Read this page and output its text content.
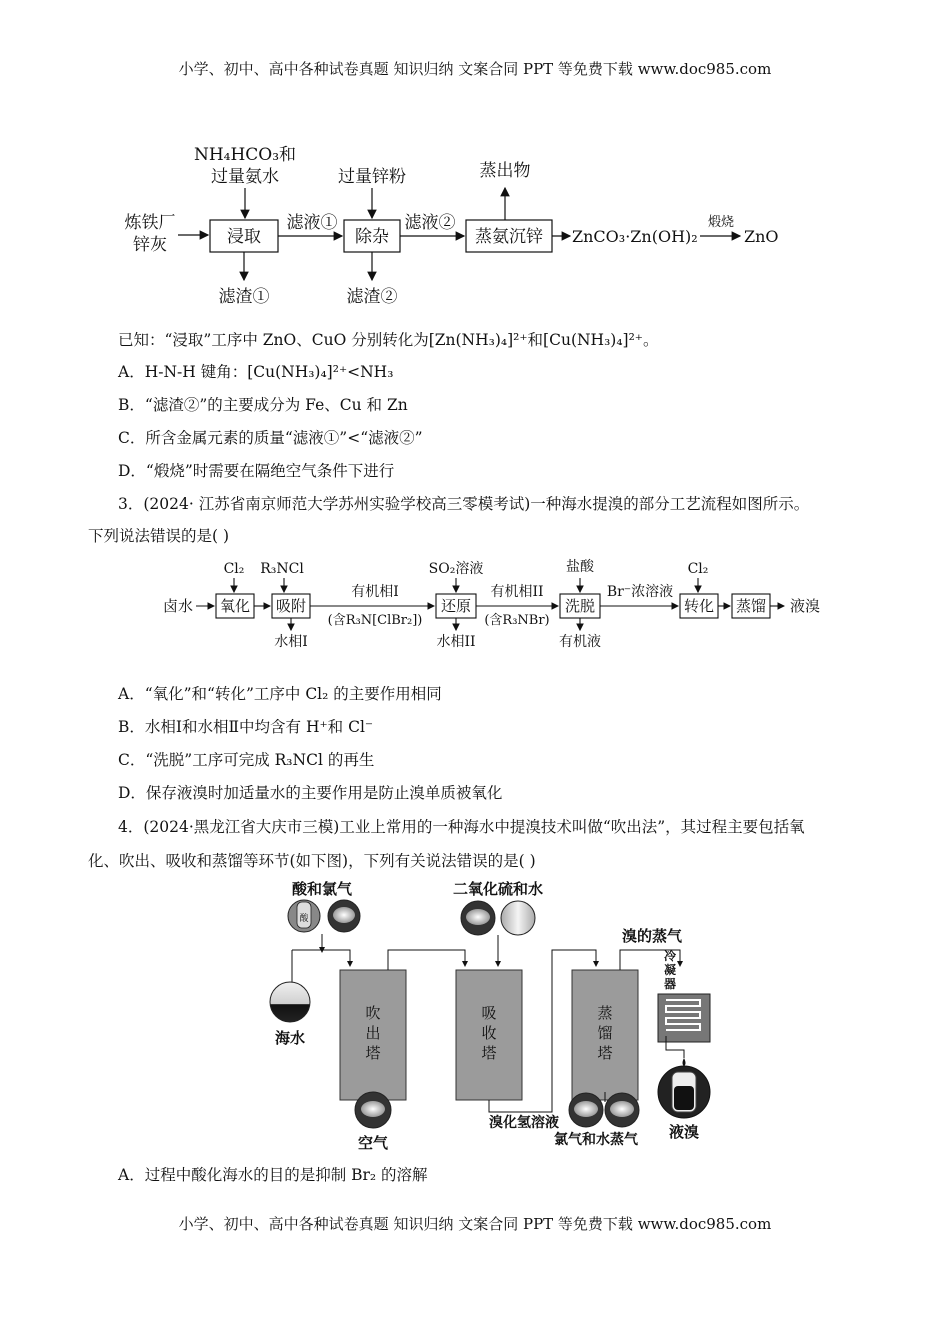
小学、初中、高中各种试卷真题 知识归纳 文案合同 PPT 等免费下载 www.doc985.com
NH₄HCO₃和
过量氨水
炼铁厂
锌灰	浸取
滤渣①
滤液①
过量锌粉
除杂
滤渣②
滤液②
蒸氨沉锌
蒸出物
ZnCO₃·Zn(OH)₂
煅烧
ZnO
已知：“浸取”工序中 ZnO、CuO 分别转化为[Zn(NH₃)₄]²⁺和[Cu(NH₃)₄]²⁺。
A．H-N-H 键角：[Cu(NH₃)₄]²⁺<NH₃
B．“滤渣②”的主要成分为 Fe、Cu 和 Zn
C．所含金属元素的质量“滤液①”<“滤液②”
D．“煅烧”时需要在隔绝空气条件下进行
3．(2024· 江苏省南京师范大学苏州实验学校高三零模考试)一种海水提溴的部分工艺流程如图所示。
下列说法错误的是( )
卤水
Cl₂
氧化
R₃NCl
吸附
水相I
有机相I
(含R₃N[ClBr₂])
SO₂溶液
还原
水相II
有机相II
(含R₃NBr)
盐酸
洗脱
有机液
Br⁻浓溶液
Cl₂
转化 蒸馏 液溴
A．“氧化”和“转化”工序中 Cl₂ 的主要作用相同
B．水相Ⅰ和水相Ⅱ中均含有 H⁺和 Cl⁻
C．“洗脱”工序可完成 R₃NCl 的再生
D．保存液溴时加适量水的主要作用是防止溴单质被氧化
4．(2024·黑龙江省大庆市三模)工业上常用的一种海水中提溴技术叫做“吹出法”，其过程主要包括氧
化、吹出、吸收和蒸馏等环节(如下图)，下列有关说法错误的是( )
酸和氯气
酸
海水
吹
出
塔
二氧化硫和水
吸
收
塔
溴化氢溶液
蒸
馏
塔
氯气和水蒸气
溴的蒸气
冷
凝
器
液溴
空气
A．过程中酸化海水的目的是抑制 Br₂ 的溶解
小学、初中、高中各种试卷真题 知识归纳 文案合同 PPT 等免费下载 www.doc985.com
